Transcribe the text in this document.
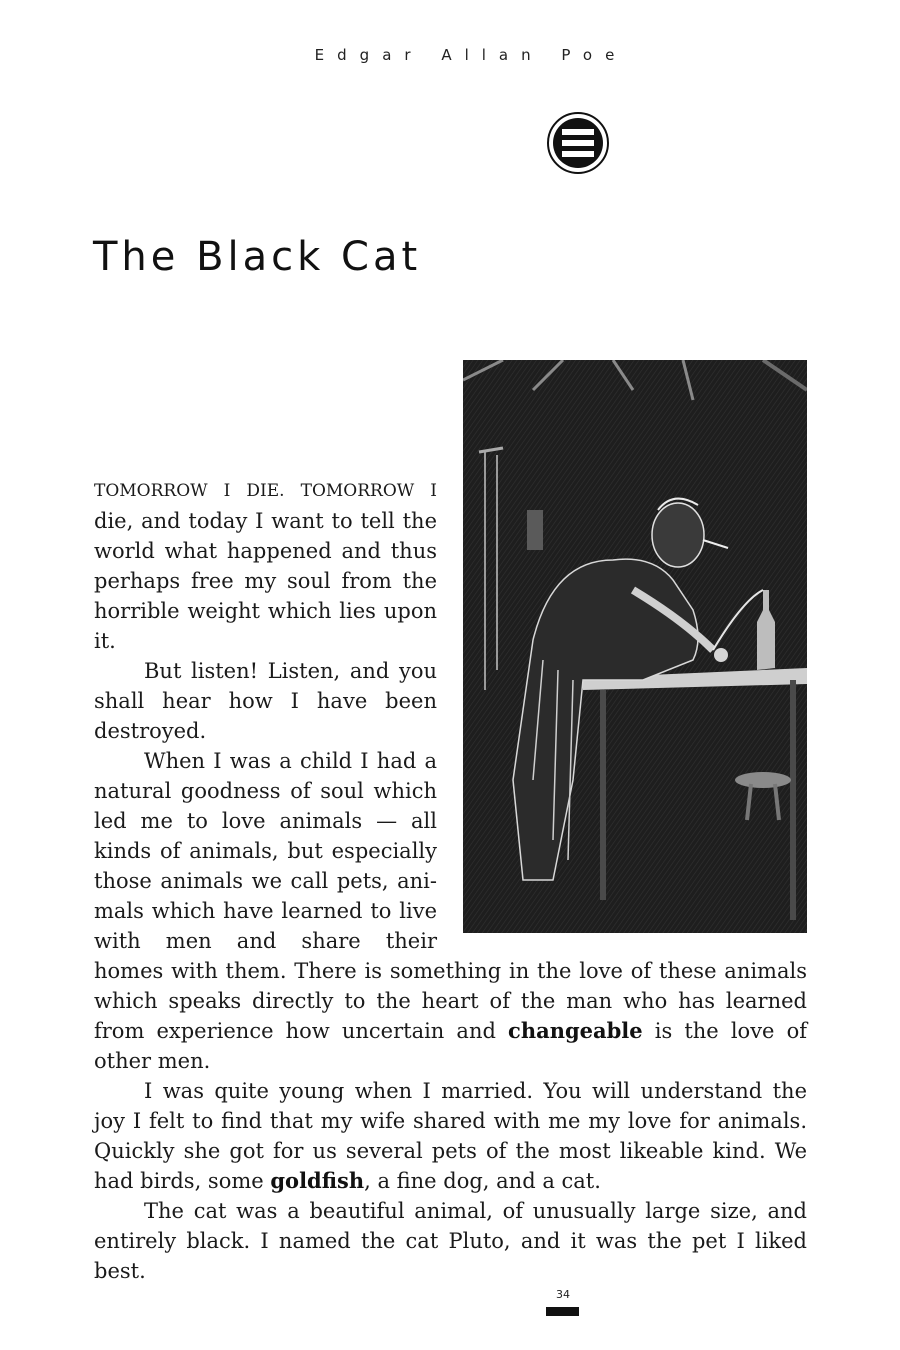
Edgar Allan Poe
The Black Cat

TOMORROW I DIE. TOMORROW I die, and today I want to tell the world what happened and thus perhaps free my soul from the horrible weight which lies upon it.

But listen! Listen, and you shall hear how I have been destroyed.

When I was a child I had a natural goodness of soul which led me to love animals — all kinds of animals, but especially those animals we call pets, animals which have learned to live with men and share their homes with them. There is something in the love of these animals which speaks directly to the heart of the man who has learned from experience how uncertain and changeable is the love of other men.

I was quite young when I married. You will understand the joy I felt to find that my wife shared with me my love for animals. Quickly she got for us several pets of the most likeable kind. We had birds, some goldfish, a fine dog, and a cat.

The cat was a beautiful animal, of unusually large size, and entirely black. I named the cat Pluto, and it was the pet I liked best.

34
